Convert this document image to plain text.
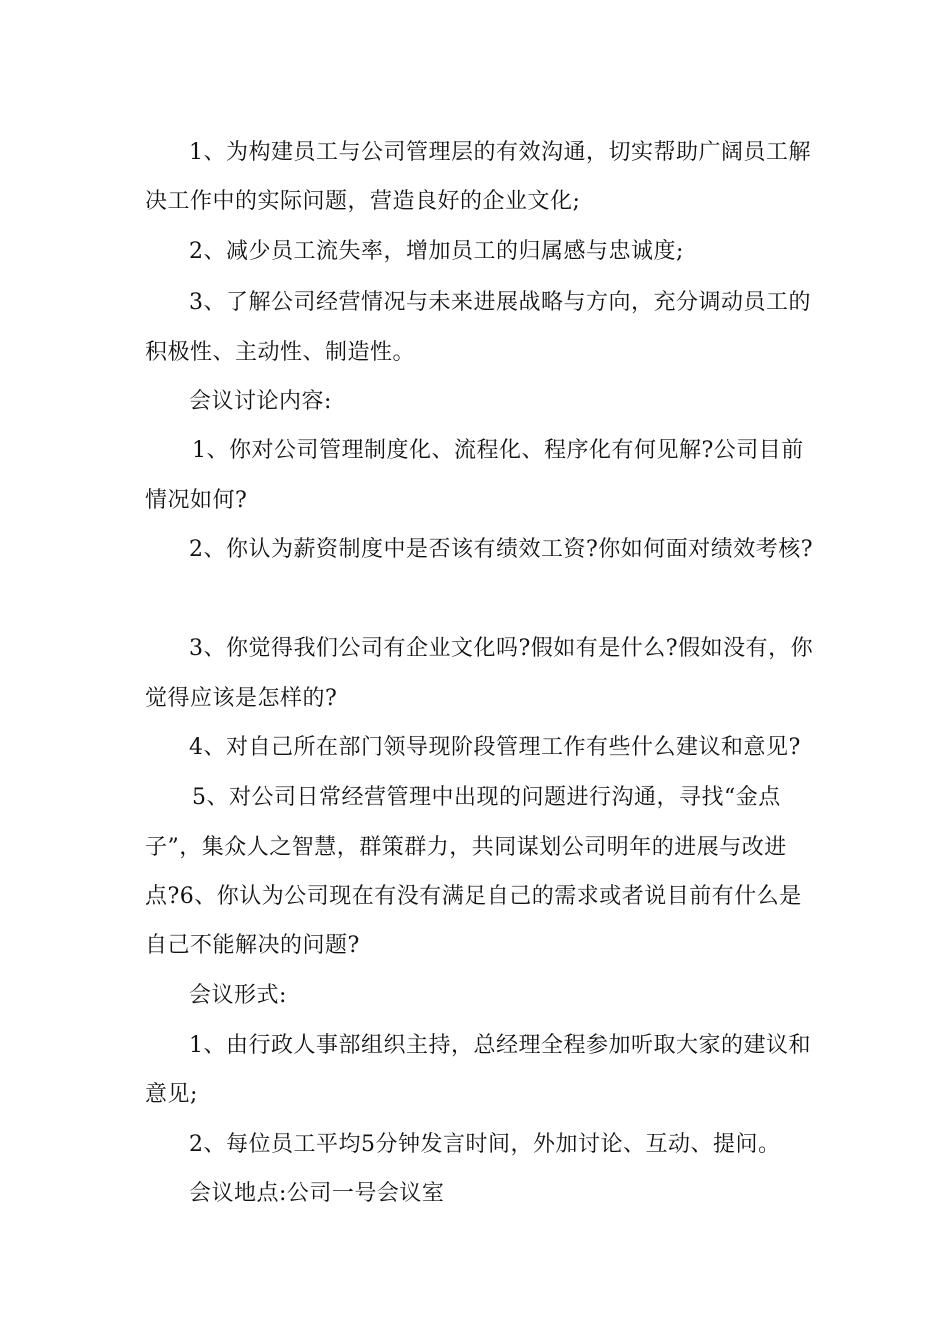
1、为构建员工与公司管理层的有效沟通，切实帮助广阔员工解
决工作中的实际问题，营造良好的企业文化;
2、减少员工流失率，增加员工的归属感与忠诚度;
3、了解公司经营情况与未来进展战略与方向，充分调动员工的
积极性、主动性、制造性。
会议讨论内容:
1、你对公司管理制度化、流程化、程序化有何见解?公司目前
情况如何?
2、你认为薪资制度中是否该有绩效工资?你如何面对绩效考核?
3、你觉得我们公司有企业文化吗?假如有是什么?假如没有，你
觉得应该是怎样的?
4、对自己所在部门领导现阶段管理工作有些什么建议和意见?
5、对公司日常经营管理中出现的问题进行沟通，寻找“金点
子”，集众人之智慧，群策群力，共同谋划公司明年的进展与改进
点?6、你认为公司现在有没有满足自己的需求或者说目前有什么是
自己不能解决的问题?
会议形式:
1、由行政人事部组织主持，总经理全程参加听取大家的建议和
意见;
2、每位员工平均5分钟发言时间，外加讨论、互动、提问。
会议地点:公司一号会议室
